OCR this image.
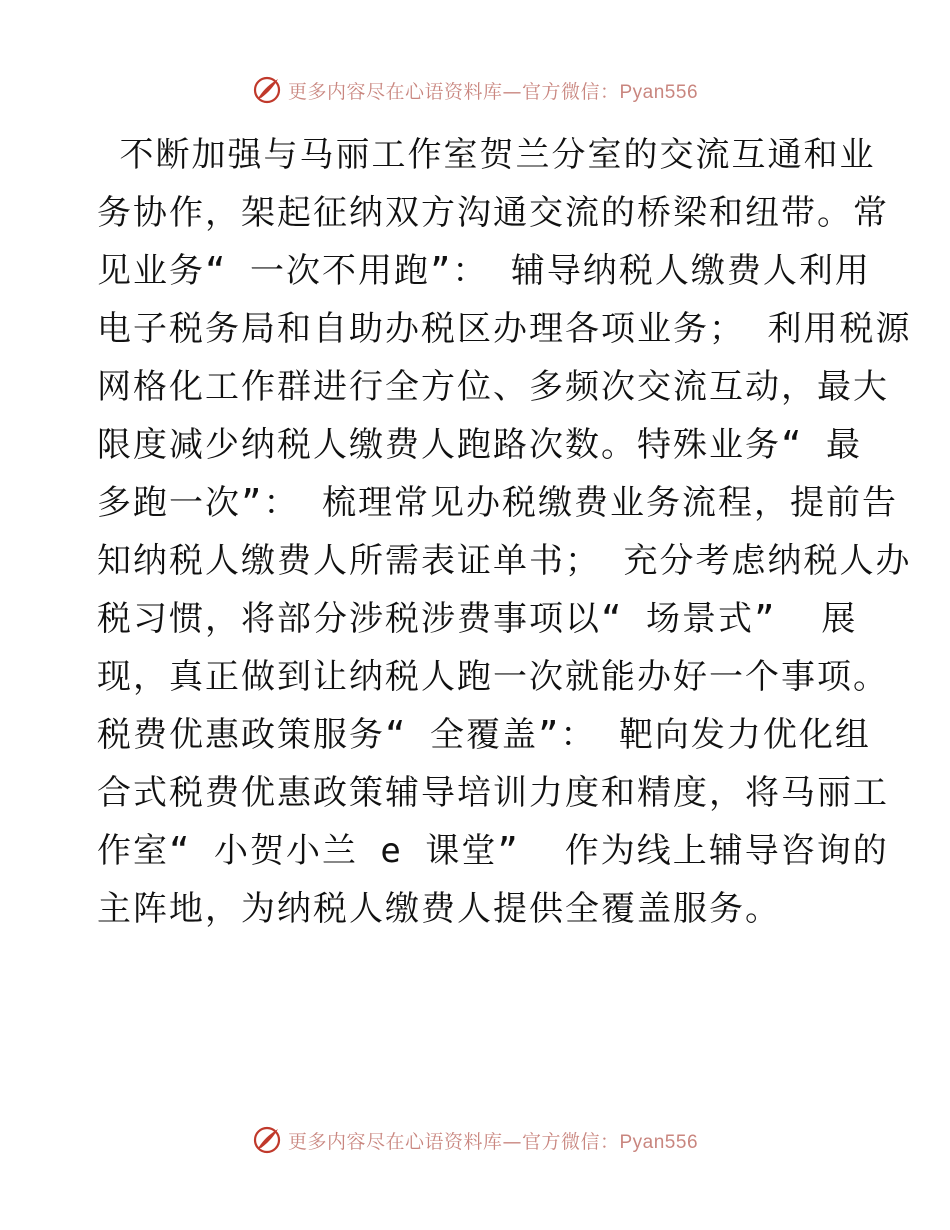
更多内容尽在心语资料库—官方微信：Pyan556
不断加强与马丽工作室贺兰分室的交流互通和业
务协作，架起征纳双方沟通交流的桥梁和纽带。常
见业务“ 一次不用跑”： 辅导纳税人缴费人利用
电子税务局和自助办税区办理各项业务； 利用税源
网格化工作群进行全方位、多频次交流互动，最大
限度减少纳税人缴费人跑路次数。特殊业务“ 最
多跑一次”： 梳理常见办税缴费业务流程，提前告
知纳税人缴费人所需表证单书； 充分考虑纳税人办
税习惯，将部分涉税涉费事项以“ 场景式”  展
现，真正做到让纳税人跑一次就能办好一个事项。
税费优惠政策服务“ 全覆盖”： 靶向发力优化组
合式税费优惠政策辅导培训力度和精度，将马丽工
作室“ 小贺小兰 e 课堂”  作为线上辅导咨询的
主阵地，为纳税人缴费人提供全覆盖服务。
更多内容尽在心语资料库—官方微信：Pyan556
